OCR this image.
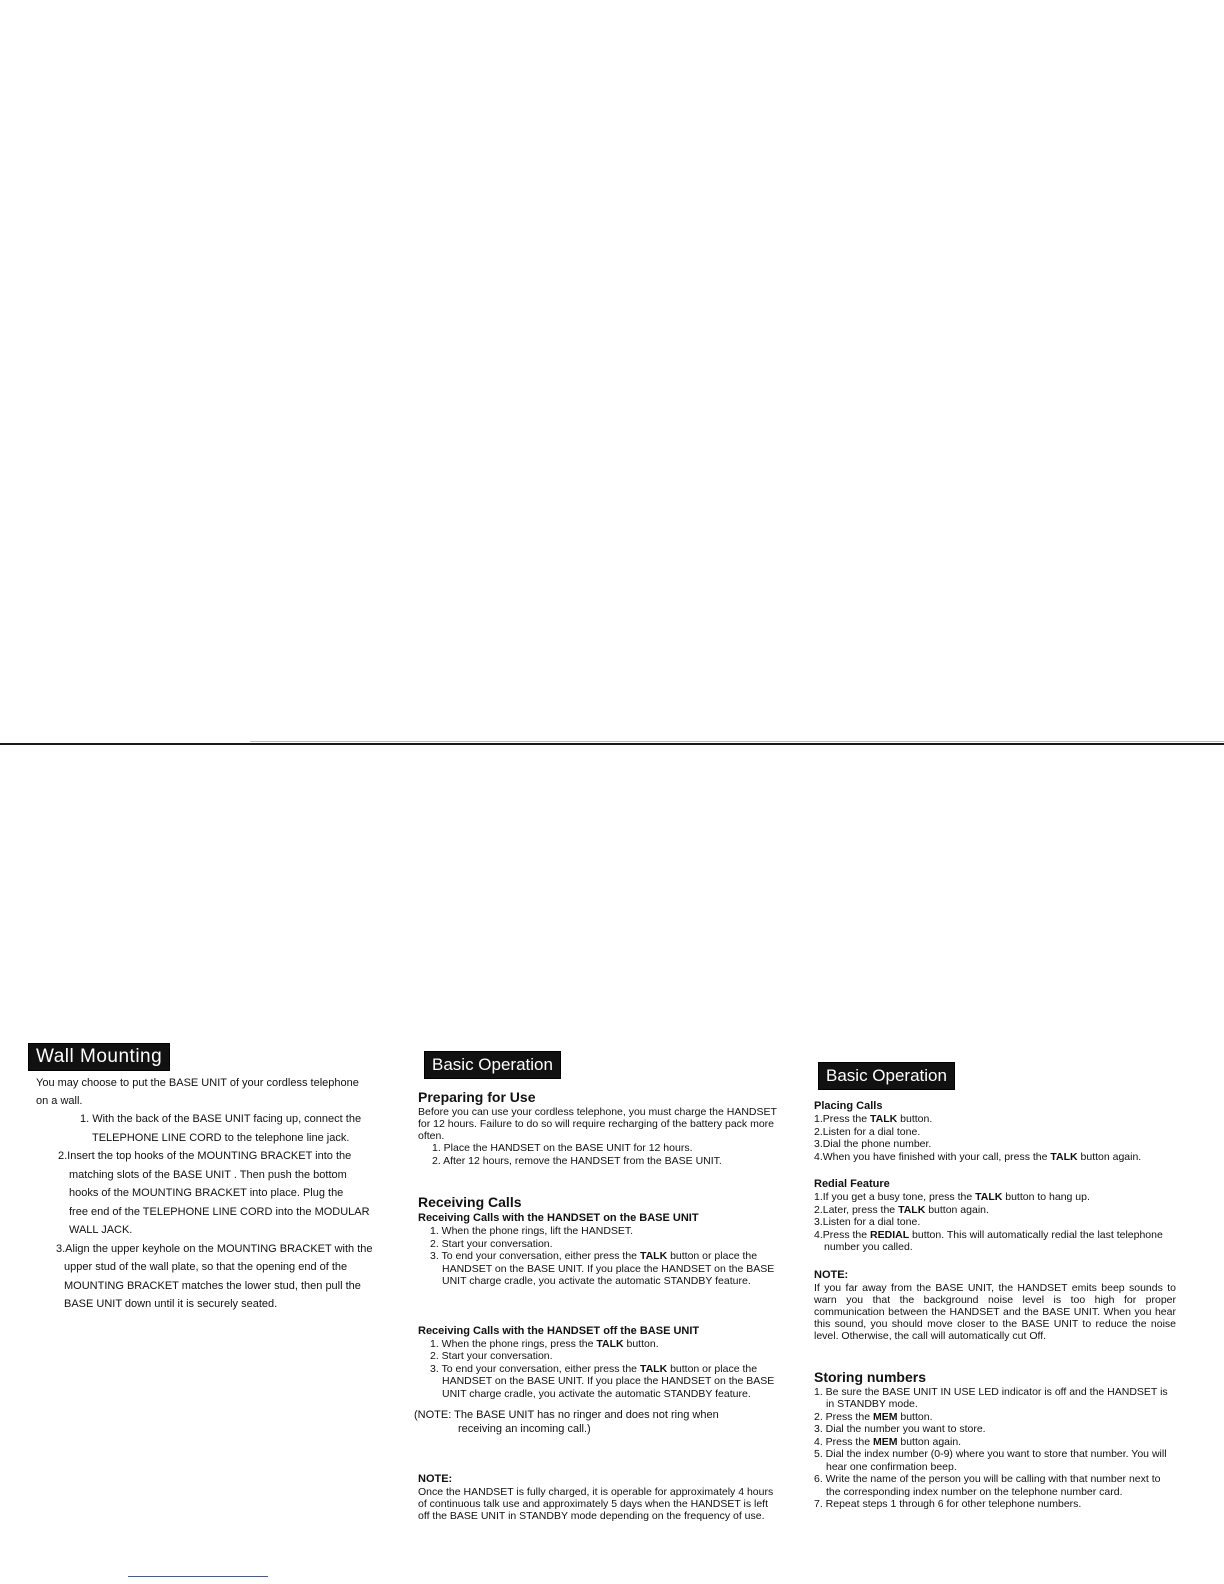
Wall Mounting

You may choose to put the BASE UNIT of your cordless telephone

on a wall.

1. With the back of the BASE UNIT facing up, connect the
TELEPHONE LINE CORD to the telephone line jack.
2.Insert the top hooks of the MOUNTING BRACKET into the
matching slots of the BASE UNIT . Then push the bottom
hooks of the MOUNTING BRACKET into place. Plug the
free end of the TELEPHONE LINE CORD into the MODULAR
WALL JACK.
3.Align the upper keyhole on the MOUNTING BRACKET with the
upper stud of the wall plate, so that the opening end of the
MOUNTING BRACKET matches the lower stud, then pull the
BASE UNIT down until it is securely seated.
Basic Operation
Preparing for Use

Before you can use your cordless telephone, you must charge the HANDSET for 12 hours. Failure to do so will require recharging of the battery pack more often.

1. Place the HANDSET on the BASE UNIT for 12 hours.
2. After 12 hours, remove the HANDSET from the BASE UNIT.
Receiving Calls
Receiving Calls with the HANDSET on the BASE UNIT
1. When the phone rings, lift the HANDSET.
2. Start your conversation.
3. To end your conversation, either press the TALK button or place the HANDSET on the BASE UNIT. If you place the HANDSET on the BASE UNIT charge cradle, you activate the automatic STANDBY feature.
Receiving Calls with the HANDSET off the BASE UNIT
1. When the phone rings, press the TALK button.
2. Start your conversation.
3. To end your conversation, either press the TALK button or place the HANDSET on the BASE UNIT. If you place the HANDSET on the BASE UNIT charge cradle, you activate the automatic STANDBY feature.

(NOTE: The BASE UNIT has no ringer and does not ring when

receiving an incoming call.)

NOTE:

Once the HANDSET is fully charged, it is operable for approximately 4 hours of continuous talk use and approximately 5 days when the HANDSET is left off the BASE UNIT in STANDBY mode depending on the frequency of use.

Basic Operation
Placing Calls
1.Press the TALK button.
2.Listen for a dial tone.
3.Dial the phone number.
4.When you have finished with your call, press the TALK button again.
Redial Feature
1.If you get a busy tone, press the TALK button to hang up.
2.Later, press the TALK button again.
3.Listen for a dial tone.
4.Press the REDIAL button. This will automatically redial the last telephone number you called.
NOTE:

If you far away from the BASE UNIT, the HANDSET emits beep sounds to warn you that the background noise level is too high for proper communication between the HANDSET and the BASE UNIT. When you hear this sound, you should move closer to the BASE UNIT to reduce the noise level. Otherwise, the call will automatically cut Off.

Storing numbers
1. Be sure the BASE UNIT IN USE LED indicator is off and the HANDSET is in STANDBY mode.
2. Press the MEM button.
3. Dial the number you want to store.
4. Press the MEM button again.
5. Dial the index number (0-9) where you want to store that number. You will hear one confirmation beep.
6. Write the name of the person you will be calling with that number next to the corresponding index number on the telephone number card.
7. Repeat steps 1 through 6 for other telephone numbers.
